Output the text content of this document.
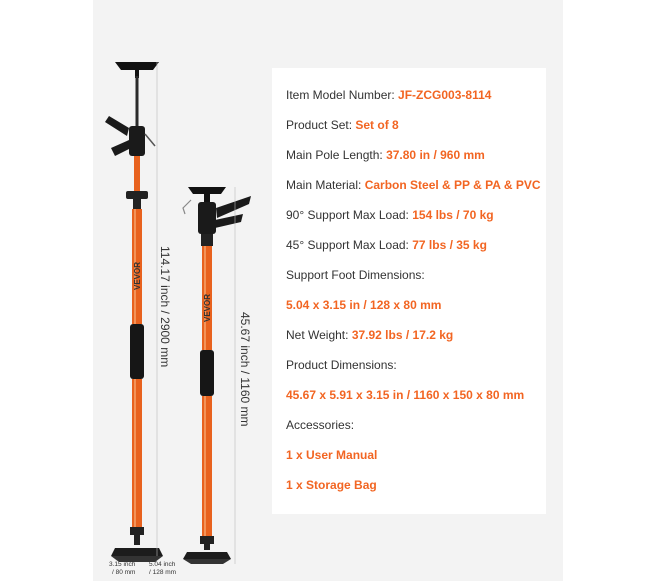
VEVOR 114.17 inch / 2900 mm	VEVOR
45.67 inch / 1160 mm
3.15 inch
/ 80 mm
5.04 inch
/ 128 mm
Item Model Number: JF-ZCG003-8114
Product Set: Set of 8
Main Pole Length: 37.80 in / 960 mm
Main Material: Carbon Steel & PP & PA & PVC
90° Support Max Load: 154 lbs / 70 kg
45° Support Max Load: 77 lbs / 35 kg
Support Foot Dimensions:
5.04 x 3.15 in / 128 x 80 mm
Net Weight: 37.92 lbs / 17.2 kg
Product Dimensions:
45.67 x 5.91 x 3.15 in / 1160 x 150 x 80 mm
Accessories:
1 x User Manual
1 x Storage Bag
